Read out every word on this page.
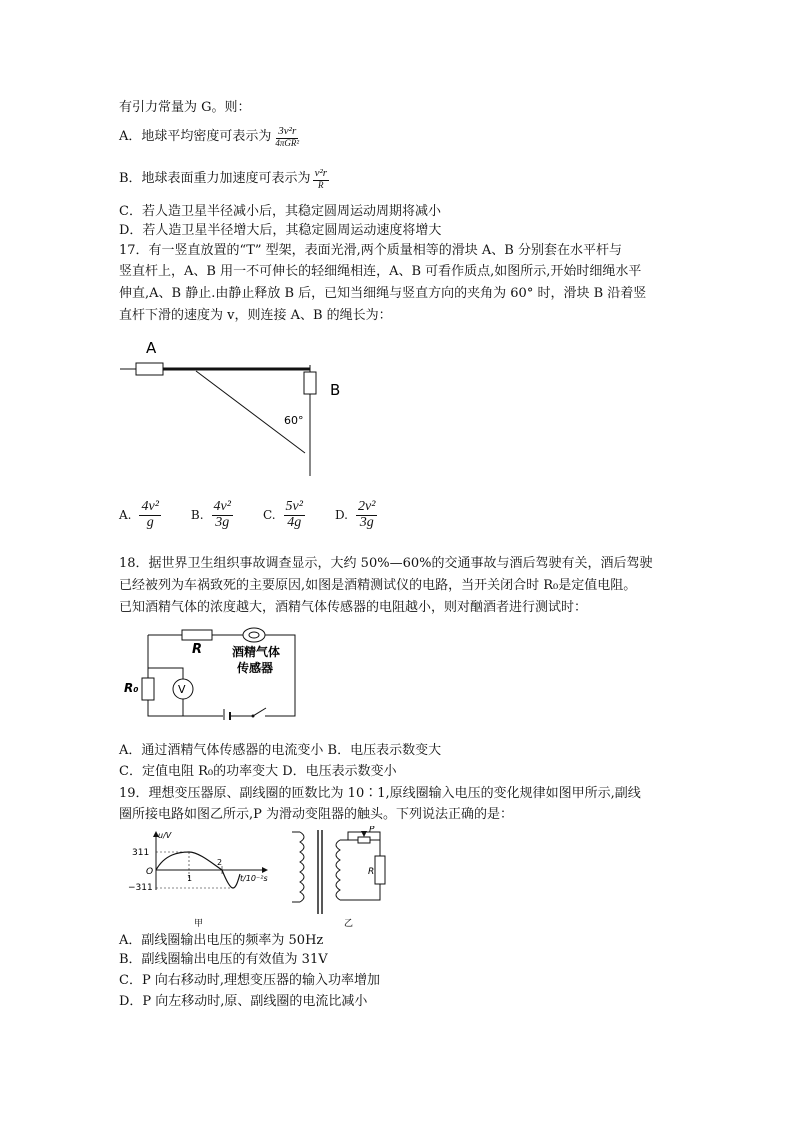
有引力常量为 G。则：
A．地球平均密度可表示为 $\frac{\text{3v²r}}{\text{4πGR²}}$
B．地球表面重力加速度可表示为 $\frac{\text{v²r}}{R}$
C．若人造卫星半径减小后，其稳定圆周运动周期将减小
D．若人造卫星半径增大后，其稳定圆周运动速度将增大
17．有一竖直放置的“T” 型架，表面光滑,两个质量相等的滑块 A、B 分别套在水平杆与
竖直杆上，A、B 用一不可伸长的轻细绳相连，A、B 可看作质点,如图所示,开始时细绳水平
伸直,A、B 静止.由静止释放 B 后，已知当细绳与竖直方向的夹角为 60° 时，滑块 B 沿着竖
直杆下滑的速度为 v，则连接 A、B 的绳长为：
A
B
60°
A. $\frac{\text{4v²}}{g}$	B. $\frac{\text{4v²}}{3g}$	C. $\frac{\text{5v²}}{4g}$	D. $\frac{\text{2v²}}{3g}$
18．据世界卫生组织事故调查显示，大约 50%—60%的交通事故与酒后驾驶有关，酒后驾驶
已经被列为车祸致死的主要原因,如图是酒精测试仪的电路，当开关闭合时 R₀是定值电阻。
已知酒精气体的浓度越大，酒精气体传感器的电阻越小，则对酗酒者进行测试时：
R
R₀	V
酒精气体
传感器
A．通过酒精气体传感器的电流变小 B．电压表示数变大
C．定值电阻 R₀的功率变大 D．电压表示数变小
19．理想变压器原、副线圈的匝数比为 10∶1,原线圈输入电压的变化规律如图甲所示,副线
圈所接电路如图乙所示,P 为滑动变阻器的触头。下列说法正确的是：
u/V
311
O
−311
1
2
t/10⁻²s
甲
P
R
乙
A．副线圈输出电压的频率为 50Hz
B．副线圈输出电压的有效值为 31V
C．P 向右移动时,理想变压器的输入功率增加
D．P 向左移动时,原、副线圈的电流比减小
